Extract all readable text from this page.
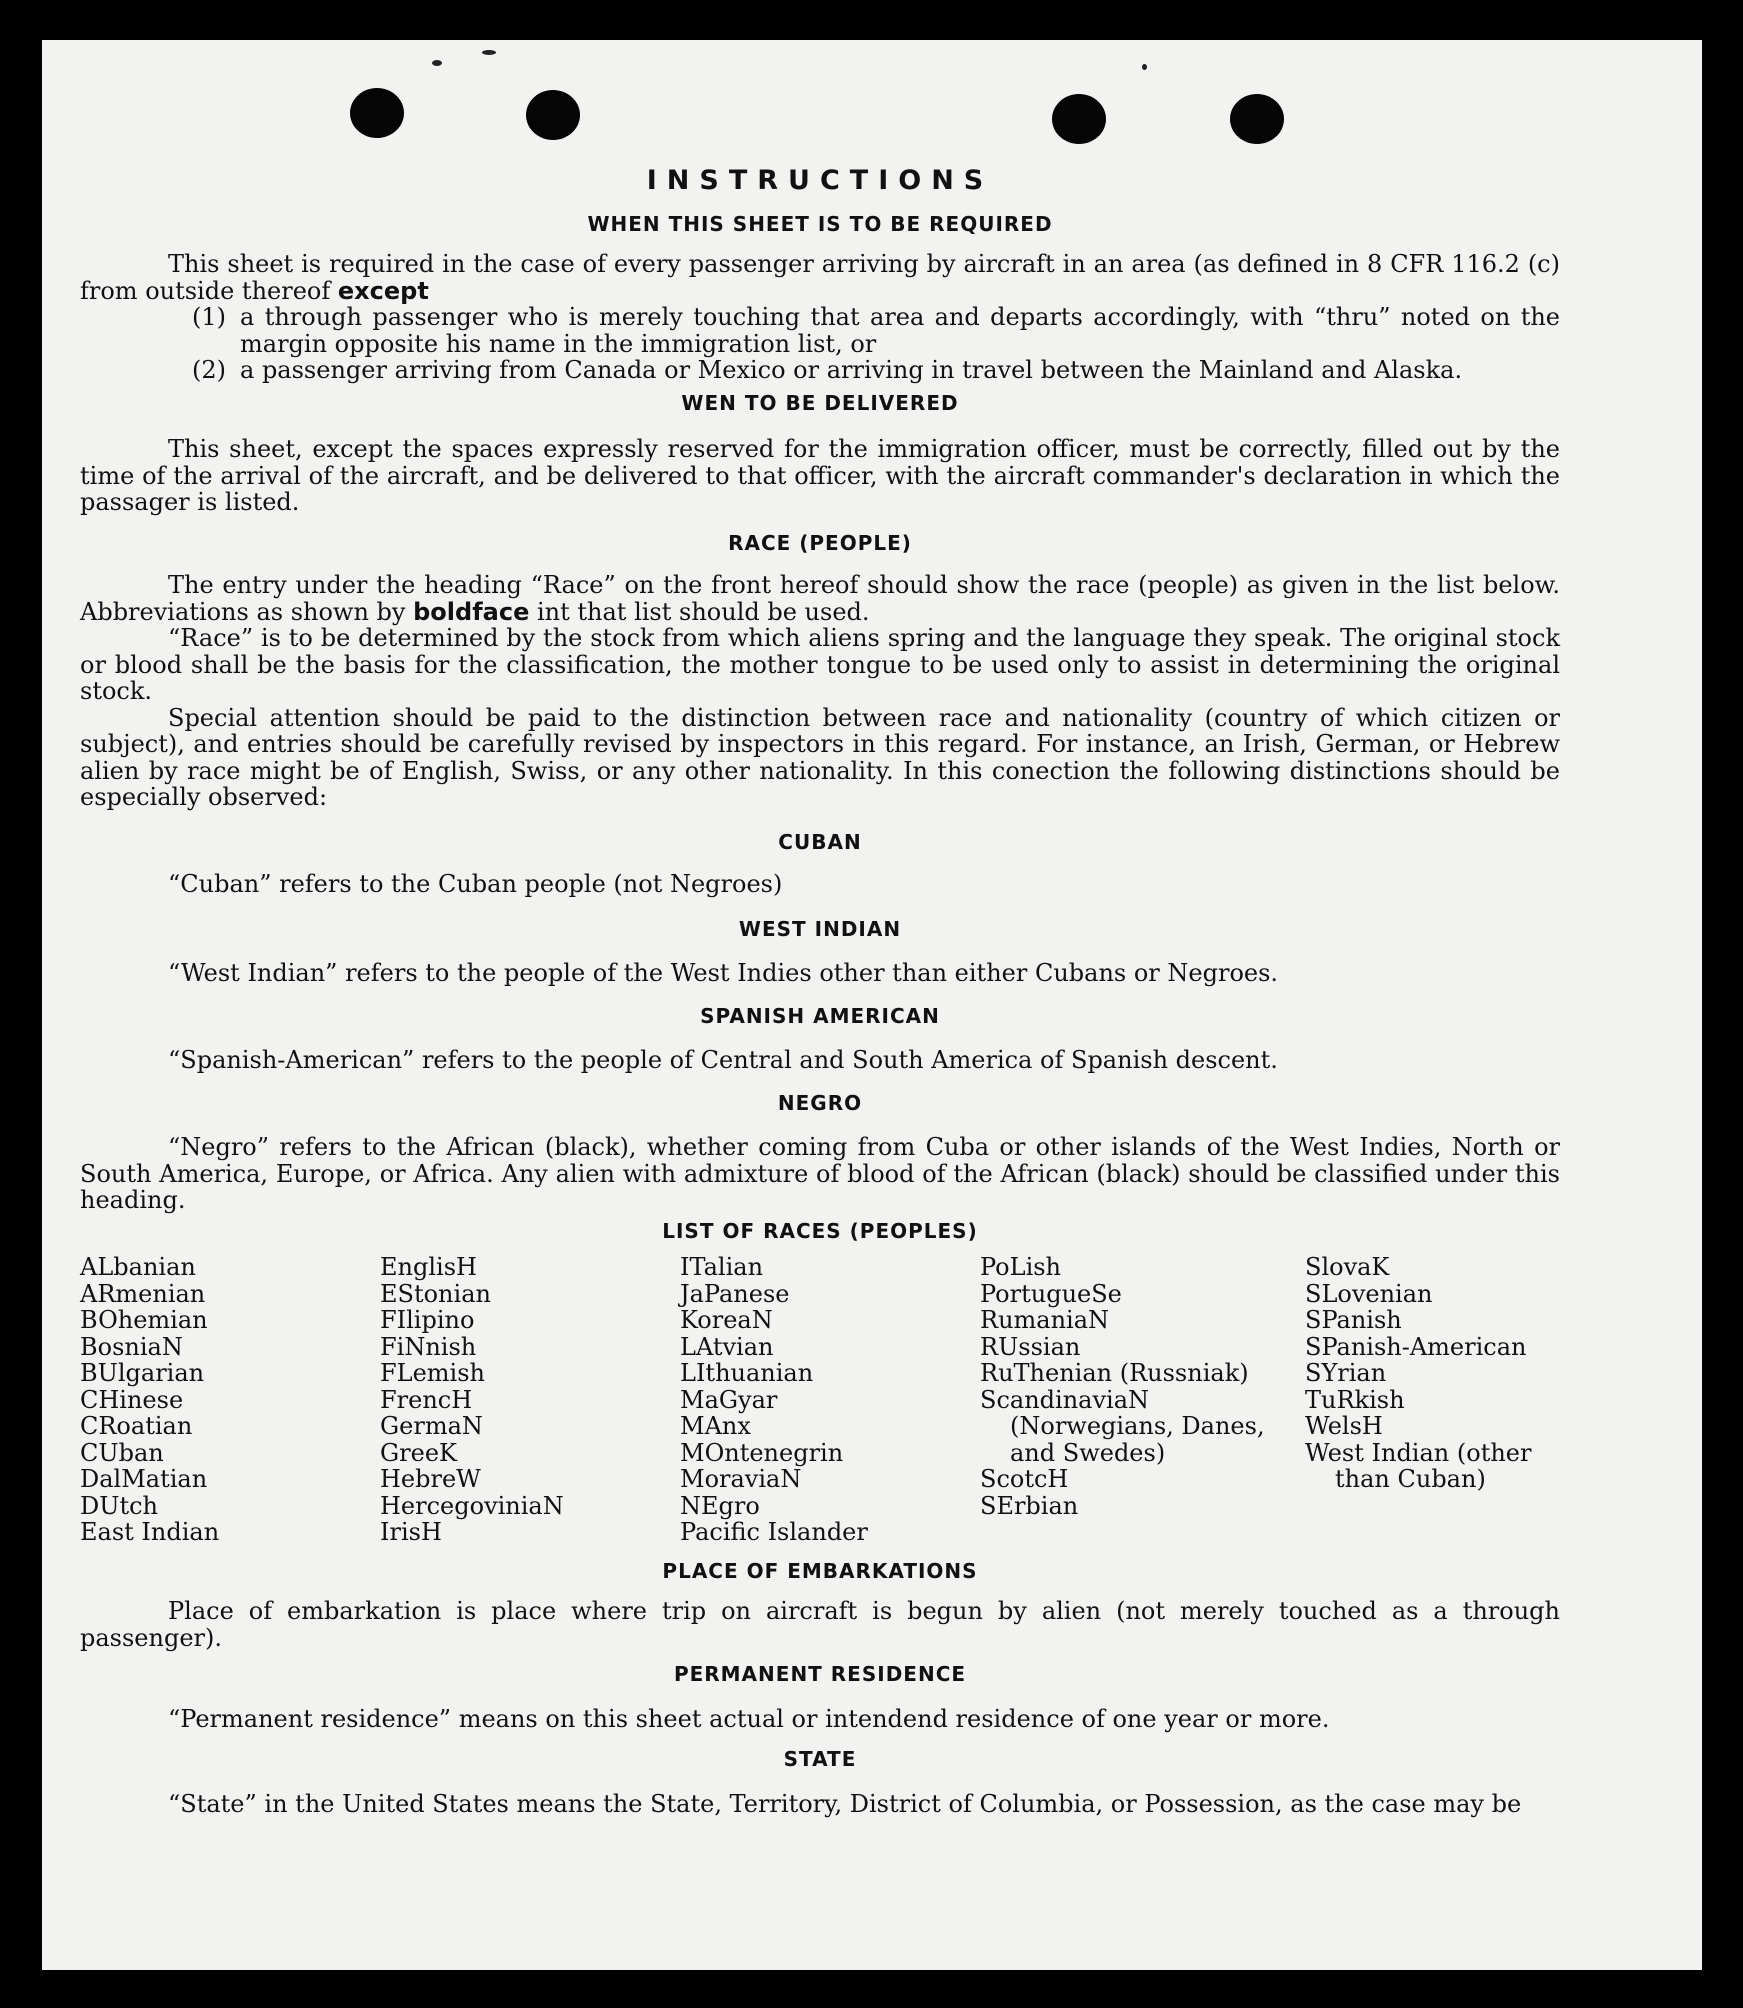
INSTRUCTIONS
WHEN THIS SHEET IS TO BE REQUIRED

This sheet is required in the case of every passenger arriving by aircraft in an area (as defined in 8 CFR 116.2 (c) from outside thereof except

(1) a through passenger who is merely touching that area and departs accordingly, with “thru” noted on the margin opposite his name in the immigration list, or
(2) a passenger arriving from Canada or Mexico or arriving in travel between the Mainland and Alaska.
WEN TO BE DELIVERED

This sheet, except the spaces expressly reserved for the immigration officer, must be correctly, filled out by the time of the arrival of the aircraft, and be delivered to that officer, with the aircraft commander's declaration in which the passager is listed.

RACE (PEOPLE)

The entry under the heading “Race” on the front hereof should show the race (people) as given in the list below. Abbreviations as shown by boldface int that list should be used.

“Race” is to be determined by the stock from which aliens spring and the language they speak. The original stock or blood shall be the basis for the classification, the mother tongue to be used only to assist in determining the original stock.

Special attention should be paid to the distinction between race and nationality (country of which citizen or subject), and entries should be carefully revised by inspectors in this regard. For instance, an Irish, German, or Hebrew alien by race might be of English, Swiss, or any other nationality. In this conection the following distinctions should be especially observed:

CUBAN

“Cuban” refers to the Cuban people (not Negroes)

WEST INDIAN

“West Indian” refers to the people of the West Indies other than either Cubans or Negroes.

SPANISH AMERICAN

“Spanish-American” refers to the people of Central and South America of Spanish descent.

NEGRO

“Negro” refers to the African (black), whether coming from Cuba or other islands of the West Indies, North or South America, Europe, or Africa. Any alien with admixture of blood of the African (black) should be classified under this heading.

LIST OF RACES (PEOPLES)
ALbanian
ARmenian
BOhemian
BosniaN
BUlgarian
CHinese
CRoatian
CUban
DalMatian
DUtch
East Indian
EnglisH
EStonian
FIlipino
FiNnish
FLemish
FrencH
GermaN
GreeK
HebreW
HercegoviniaN
IrisH
ITalian
JaPanese
KoreaN
LAtvian
LIthuanian
MaGyar
MAnx
MOntenegrin
MoraviaN
NEgro
Pacific Islander
PoLish
PortugueSe
RumaniaN
RUssian
RuThenian (Russniak)
ScandinaviaN (Norwegians, Danes, and Swedes)
ScotcH
SErbian
SlovaK
SLovenian
SPanish
SPanish-American
SYrian
TuRkish
WelsH
West Indian (other than Cuban)
PLACE OF EMBARKATIONS

Place of embarkation is place where trip on aircraft is begun by alien (not merely touched as a through passenger).

PERMANENT RESIDENCE

“Permanent residence” means on this sheet actual or intendend residence of one year or more.

STATE

“State” in the United States means the State, Territory, District of Columbia, or Possession, as the case may be
